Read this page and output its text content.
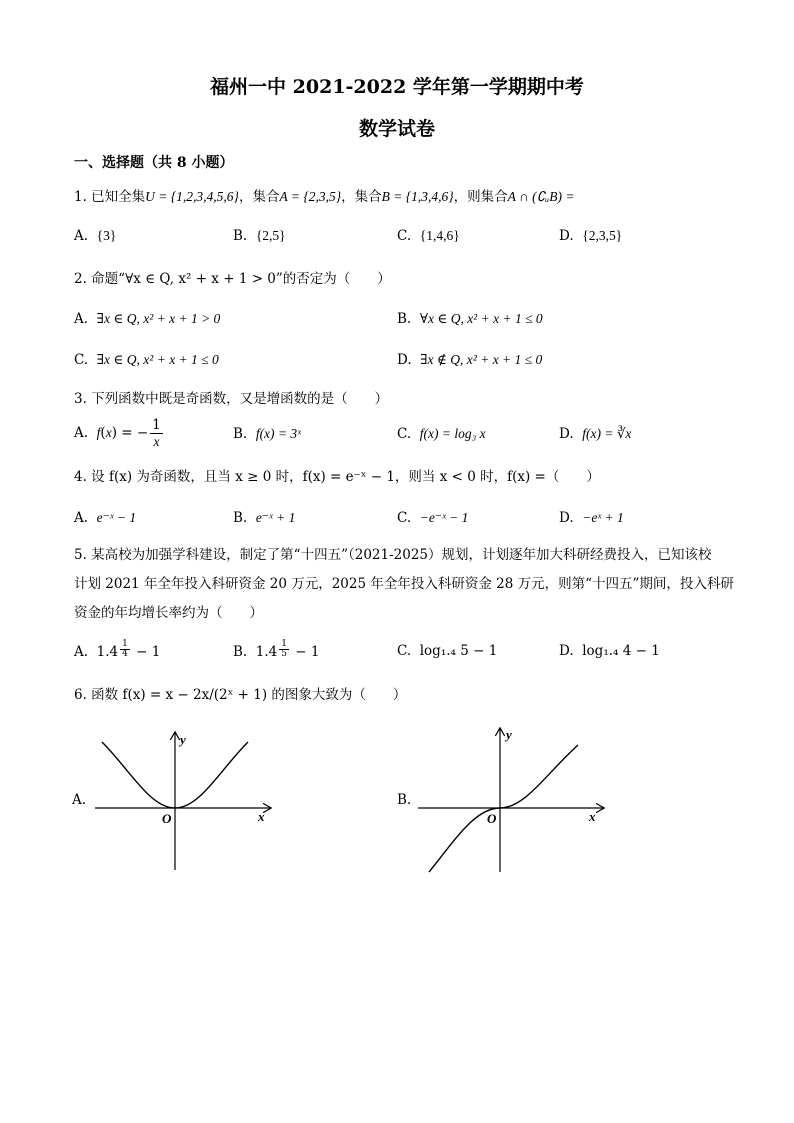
福州一中 2021-2022 学年第一学期期中考
数学试卷
一、选择题（共 8 小题）
1. 已知全集U = {1,2,3,4,5,6}，集合A = {2,3,5}，集合B = {1,3,4,6}，则集合A ∩ (∁ᵤB) =
A. {3}	B. {2,5}	C. {1,4,6}	D. {2,3,5}
2. 命题“∀x ∈ Q, x² + x + 1 > 0”的否定为（　　）
A. ∃x ∈ Q, x² + x + 1 > 0	B. ∀x ∈ Q, x² + x + 1 ≤ 0
C. ∃x ∈ Q, x² + x + 1 ≤ 0	D. ∃x ∉ Q, x² + x + 1 ≤ 0
3. 下列函数中既是奇函数，又是增函数的是（　　）
A. f(x) = − $\frac{1}{x}$	B. f(x) = 3ˣ	C. f(x) = log₃ x	D. f(x) = ∛x
4. 设 f(x) 为奇函数，且当 x ≥ 0 时，f(x) = e⁻ˣ − 1，则当 x < 0 时，f(x) =（　　）
A. e⁻ˣ − 1	B. e⁻ˣ + 1	C. −e⁻ˣ − 1	D. −eˣ + 1
5. 某高校为加强学科建设，制定了第“十四五”（2021-2025）规划，计划逐年加大科研经费投入，已知该校
计划 2021 年全年投入科研资金 20 万元，2025 年全年投入科研资金 28 万元，则第“十四五”期间，投入科研
资金的年均增长率约为（　　）
A.  1.4 $^{\frac{1}{4}}$ − 1	B.  1.4 $^{\frac{1}{5}}$ − 1	C. log₁.₄ 5 − 1	D. log₁.₄ 4 − 1
6. 函数 f(x) = x − 2x/(2ˣ + 1) 的图象大致为（　　）
A.
y
x
O
B.
y
x
O
